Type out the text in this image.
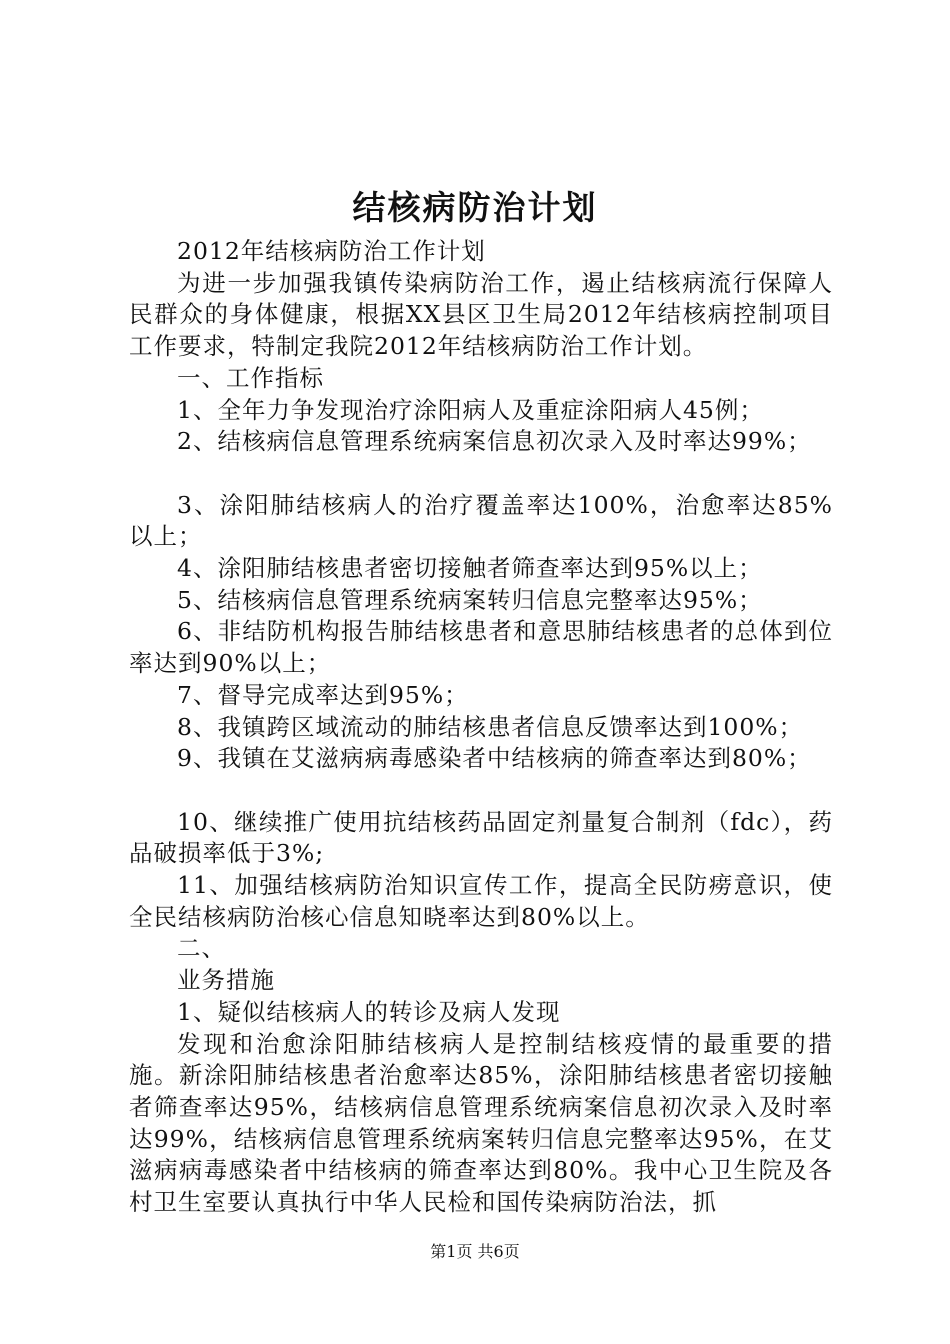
结核病防治计划

2012年结核病防治工作计划

为进一步加强我镇传染病防治工作，遏止结核病流行保障人民群众的身体健康，根据XX县区卫生局2012年结核病控制项目工作要求，特制定我院2012年结核病防治工作计划。

一、工作指标

1、全年力争发现治疗涂阳病人及重症涂阳病人45例；

2、结核病信息管理系统病案信息初次录入及时率达99%；

3、涂阳肺结核病人的治疗覆盖率达100%，治愈率达85%以上；

4、涂阳肺结核患者密切接触者筛查率达到95%以上；

5、结核病信息管理系统病案转归信息完整率达95%；

6、非结防机构报告肺结核患者和意思肺结核患者的总体到位率达到90%以上；

7、督导完成率达到95%；

8、我镇跨区域流动的肺结核患者信息反馈率达到100%；

9、我镇在艾滋病病毒感染者中结核病的筛查率达到80%；

10、继续推广使用抗结核药品固定剂量复合制剂（fdc），药品破损率低于3%;

11、加强结核病防治知识宣传工作，提高全民防痨意识，使全民结核病防治核心信息知晓率达到80%以上。

二、

业务措施

1、疑似结核病人的转诊及病人发现

发现和治愈涂阳肺结核病人是控制结核疫情的最重要的措施。新涂阳肺结核患者治愈率达85%，涂阳肺结核患者密切接触者筛查率达95%，结核病信息管理系统病案信息初次录入及时率达99%，结核病信息管理系统病案转归信息完整率达95%，在艾滋病病毒感染者中结核病的筛查率达到80%。我中心卫生院及各村卫生室要认真执行中华人民检和国传染病防治法，抓

第1页 共6页
